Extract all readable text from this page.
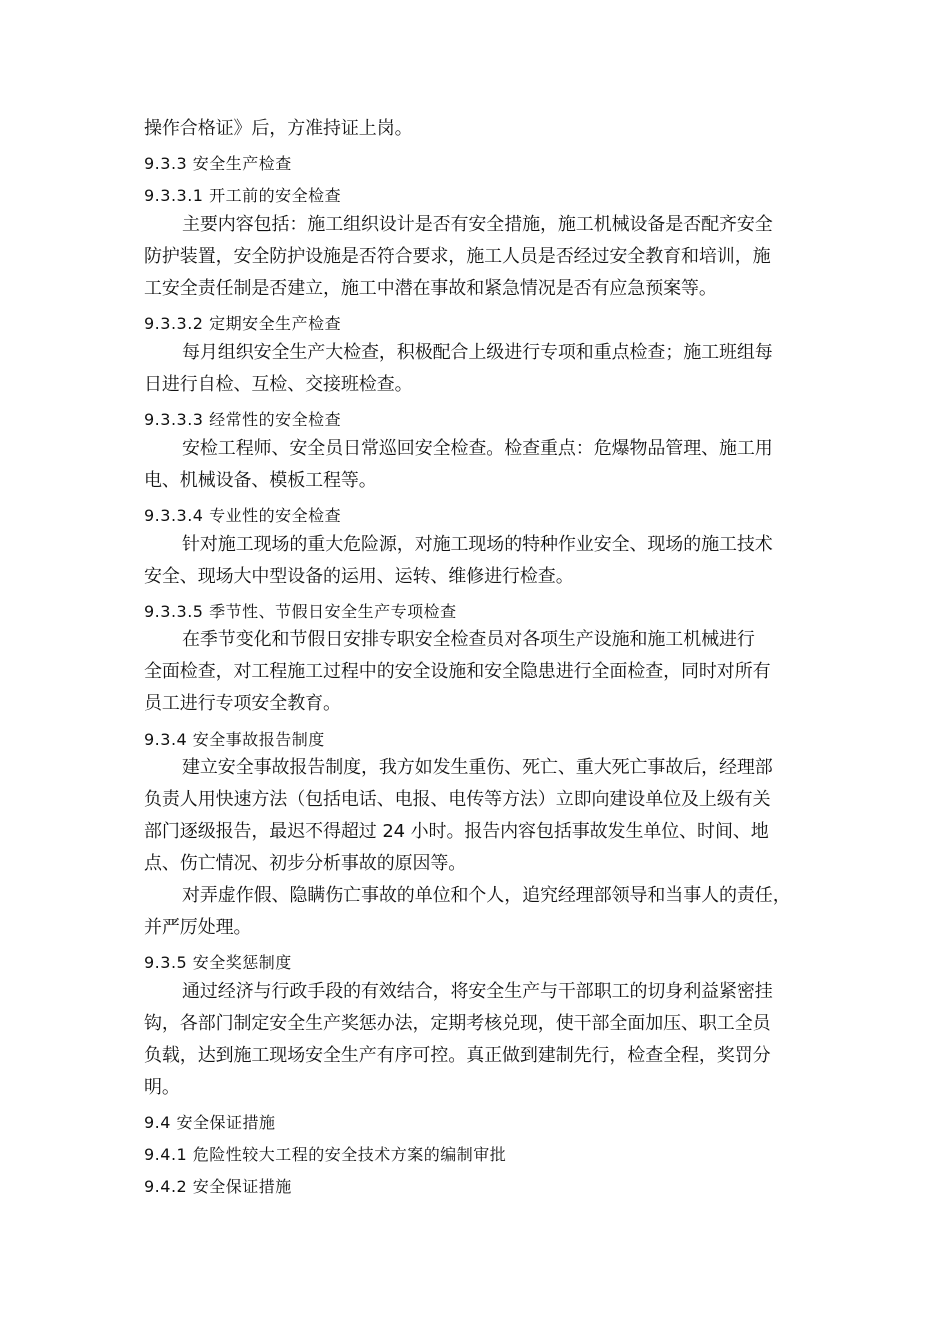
操作合格证》后，方准持证上岗。
9.3.3 安全生产检查
9.3.3.1 开工前的安全检查
主要内容包括：施工组织设计是否有安全措施，施工机械设备是否配齐安全
防护装置，安全防护设施是否符合要求，施工人员是否经过安全教育和培训，施
工安全责任制是否建立，施工中潜在事故和紧急情况是否有应急预案等。
9.3.3.2 定期安全生产检查
每月组织安全生产大检查，积极配合上级进行专项和重点检查；施工班组每
日进行自检、互检、交接班检查。
9.3.3.3 经常性的安全检查
安检工程师、安全员日常巡回安全检查。检查重点：危爆物品管理、施工用
电、机械设备、模板工程等。
9.3.3.4 专业性的安全检查
针对施工现场的重大危险源，对施工现场的特种作业安全、现场的施工技术
安全、现场大中型设备的运用、运转、维修进行检查。
9.3.3.5 季节性、节假日安全生产专项检查
在季节变化和节假日安排专职安全检查员对各项生产设施和施工机械进行
全面检查，对工程施工过程中的安全设施和安全隐患进行全面检查，同时对所有
员工进行专项安全教育。
9.3.4 安全事故报告制度
建立安全事故报告制度，我方如发生重伤、死亡、重大死亡事故后，经理部
负责人用快速方法（包括电话、电报、电传等方法）立即向建设单位及上级有关
部门逐级报告，最迟不得超过 24 小时。报告内容包括事故发生单位、时间、地
点、伤亡情况、初步分析事故的原因等。
对弄虚作假、隐瞒伤亡事故的单位和个人，追究经理部领导和当事人的责任，
并严厉处理。
9.3.5 安全奖惩制度
通过经济与行政手段的有效结合，将安全生产与干部职工的切身利益紧密挂
钩，各部门制定安全生产奖惩办法，定期考核兑现，使干部全面加压、职工全员
负载，达到施工现场安全生产有序可控。真正做到建制先行，检查全程，奖罚分
明。
9.4 安全保证措施
9.4.1 危险性较大工程的安全技术方案的编制审批
9.4.2 安全保证措施
